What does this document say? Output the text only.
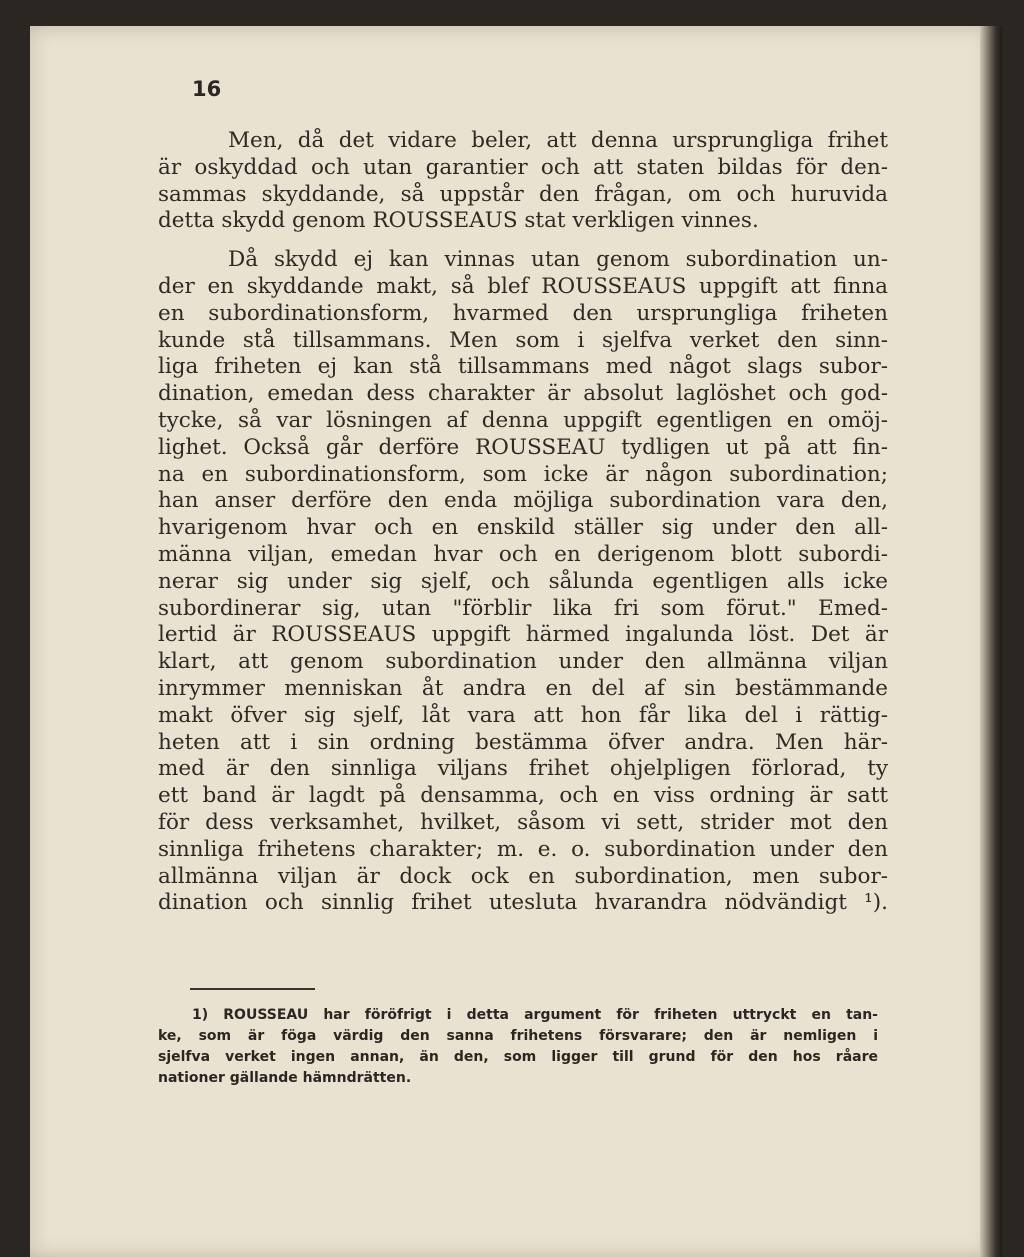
16

Men, då det vidare beler, att denna ursprungliga frihet
är oskyddad och utan garantier och att staten bildas för den-
sammas skyddande, så uppstår den frågan, om och huruvida
detta skydd genom ROUSSEAUS stat verkligen vinnes.

Då skydd ej kan vinnas utan genom subordination un-
der en skyddande makt, så blef ROUSSEAUS uppgift att finna
en subordinationsform, hvarmed den ursprungliga friheten
kunde stå tillsammans. Men som i sjelfva verket den sinn-
liga friheten ej kan stå tillsammans med något slags subor-
dination, emedan dess charakter är absolut laglöshet och god-
tycke, så var lösningen af denna uppgift egentligen en omöj-
lighet. Också går derföre ROUSSEAU tydligen ut på att fin-
na en subordinationsform, som icke är någon subordination;
han anser derföre den enda möjliga subordination vara den,
hvarigenom hvar och en enskild ställer sig under den all-
männa viljan, emedan hvar och en derigenom blott subordi-
nerar sig under sig sjelf, och sålunda egentligen alls icke
subordinerar sig, utan "förblir lika fri som förut." Emed-
lertid är ROUSSEAUS uppgift härmed ingalunda löst. Det är
klart, att genom subordination under den allmänna viljan
inrymmer menniskan åt andra en del af sin bestämmande
makt öfver sig sjelf, låt vara att hon får lika del i rättig-
heten att i sin ordning bestämma öfver andra. Men här-
med är den sinnliga viljans frihet ohjelpligen förlorad, ty
ett band är lagdt på densamma, och en viss ordning är satt
för dess verksamhet, hvilket, såsom vi sett, strider mot den
sinnliga frihetens charakter; m. e. o. subordination under den
allmänna viljan är dock ock en subordination, men subor-
dination och sinnlig frihet utesluta hvarandra nödvändigt ¹).

1) ROUSSEAU har föröfrigt i detta argument för friheten uttryckt en tan-
ke, som är föga värdig den sanna frihetens försvarare; den är nemligen i
sjelfva verket ingen annan, än den, som ligger till grund för den hos råare
nationer gällande hämndrätten.
